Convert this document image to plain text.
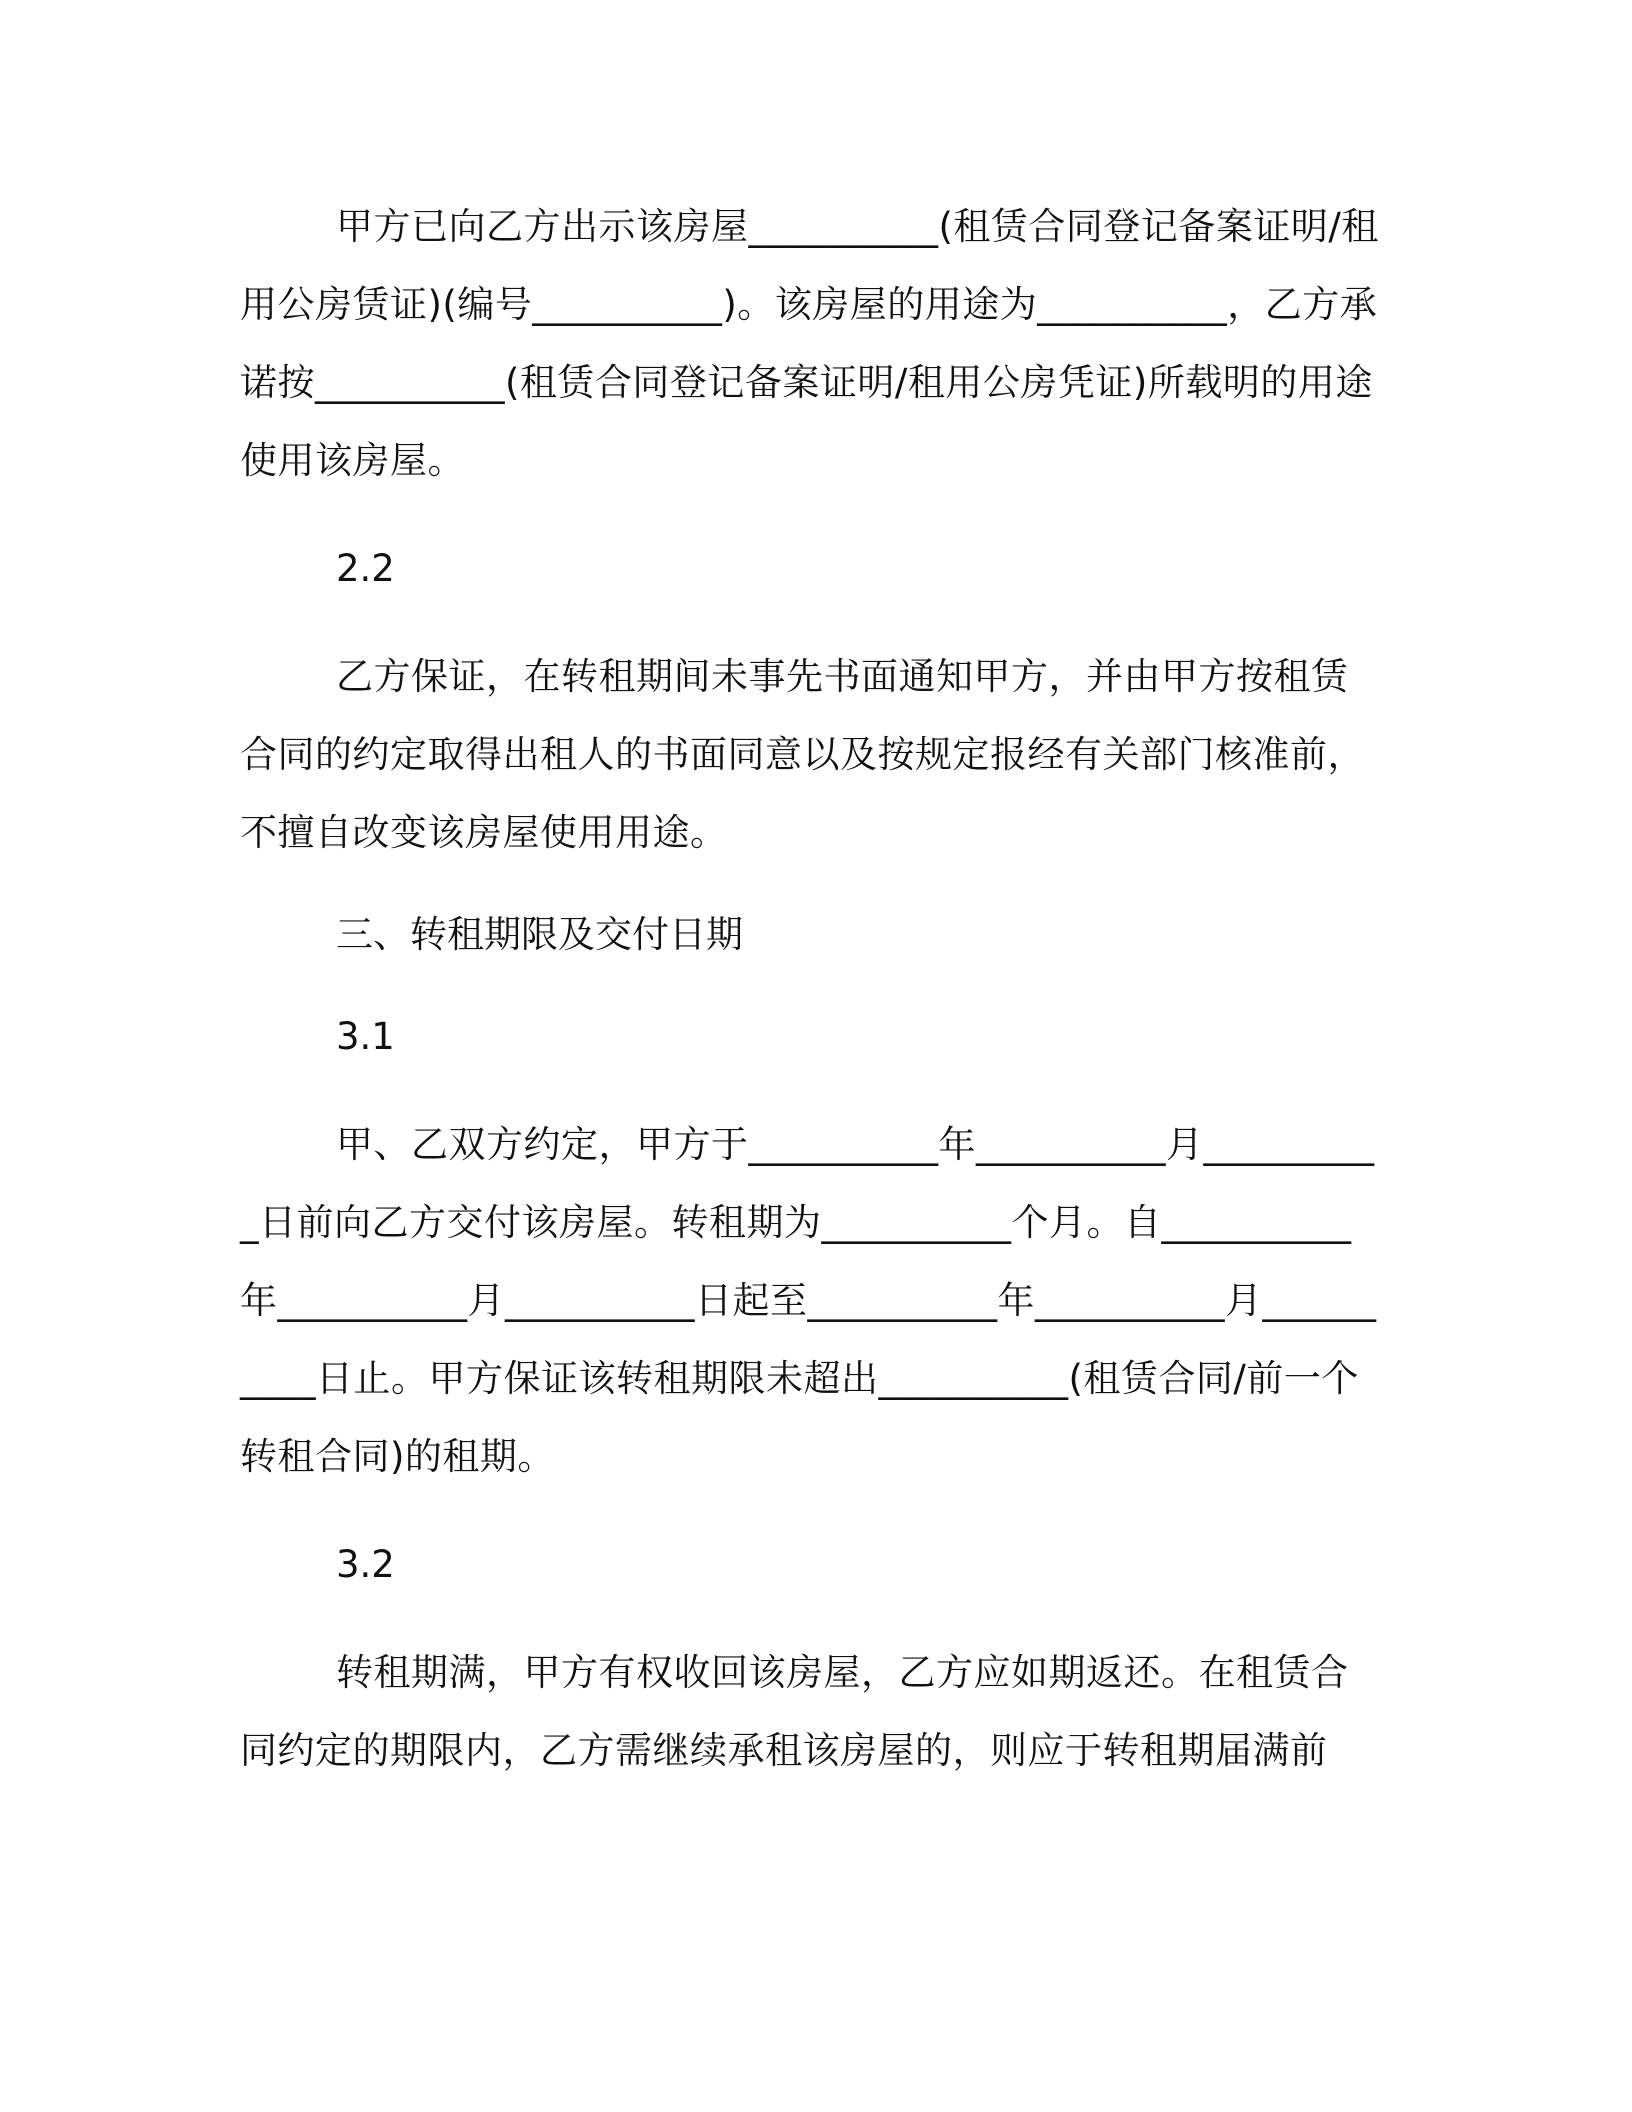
甲方已向乙方出示该房屋__________(租赁合同登记备案证明/租用公房赁证)(编号__________)。该房屋的用途为__________，乙方承诺按__________(租赁合同登记备案证明/租用公房凭证)所载明的用途使用该房屋。

2.2

乙方保证，在转租期间未事先书面通知甲方，并由甲方按租赁合同的约定取得出租人的书面同意以及按规定报经有关部门核准前，不擅自改变该房屋使用用途。

三、转租期限及交付日期

3.1

甲、乙双方约定，甲方于__________年__________月__________日前向乙方交付该房屋。转租期为__________个月。自__________年__________月__________日起至__________年__________月__________日止。甲方保证该转租期限未超出__________(租赁合同/前一个转租合同)的租期。

3.2

转租期满，甲方有权收回该房屋，乙方应如期返还。在租赁合同约定的期限内，乙方需继续承租该房屋的，则应于转租期届满前
